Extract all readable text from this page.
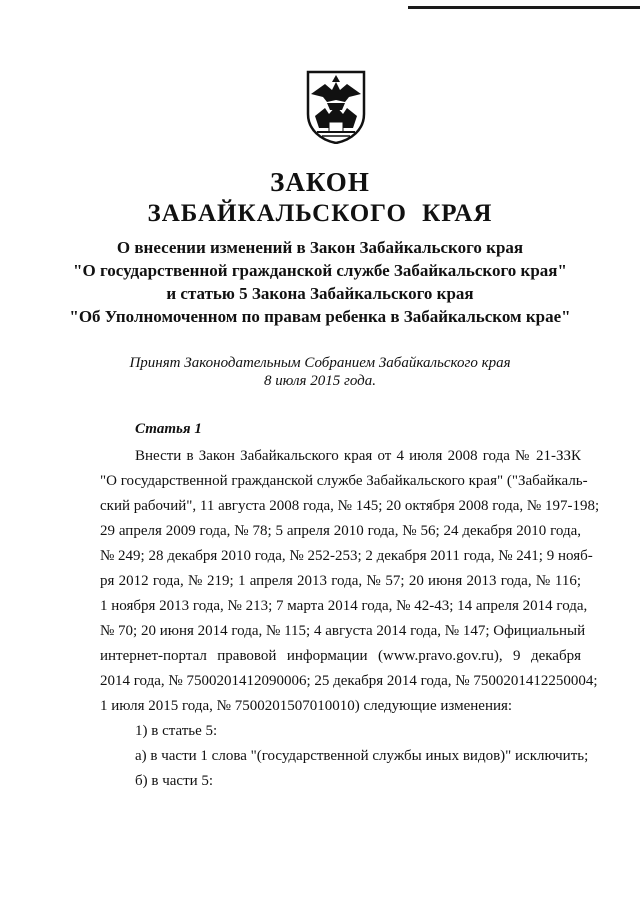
ЗАКОН
ЗАБАЙКАЛЬСКОГО КРАЯ
О внесении изменений в Закон Забайкальского края
"О государственной гражданской службе Забайкальского края"
и статью 5 Закона Забайкальского края
"Об Уполномоченном по правам ребенка в Забайкальском крае"
Принят Законодательным Собранием Забайкальского края
8 июля 2015 года.
Статья 1
Внести в Закон Забайкальского края от 4 июля 2008 года № 21-ЗЗК
"О государственной гражданской службе Забайкальского края" ("Забайкаль-
ский рабочий", 11 августа 2008 года, № 145; 20 октября 2008 года, № 197-198;
29 апреля 2009 года, № 78; 5 апреля 2010 года, № 56; 24 декабря 2010 года,
№ 249; 28 декабря 2010 года, № 252-253; 2 декабря 2011 года, № 241; 9 нояб-
ря 2012 года, № 219; 1 апреля 2013 года, № 57; 20 июня 2013 года, № 116;
1 ноября 2013 года, № 213; 7 марта 2014 года, № 42-43; 14 апреля 2014 года,
№ 70; 20 июня 2014 года, № 115; 4 августа 2014 года, № 147; Официальный
интернет-портал правовой информации (www.pravo.gov.ru), 9 декабря
2014 года, № 7500201412090006; 25 декабря 2014 года, № 7500201412250004;
1 июля 2015 года, № 7500201507010010) следующие изменения:
1) в статье 5:
а) в части 1 слова "(государственной службы иных видов)" исключить;
б) в части 5:
